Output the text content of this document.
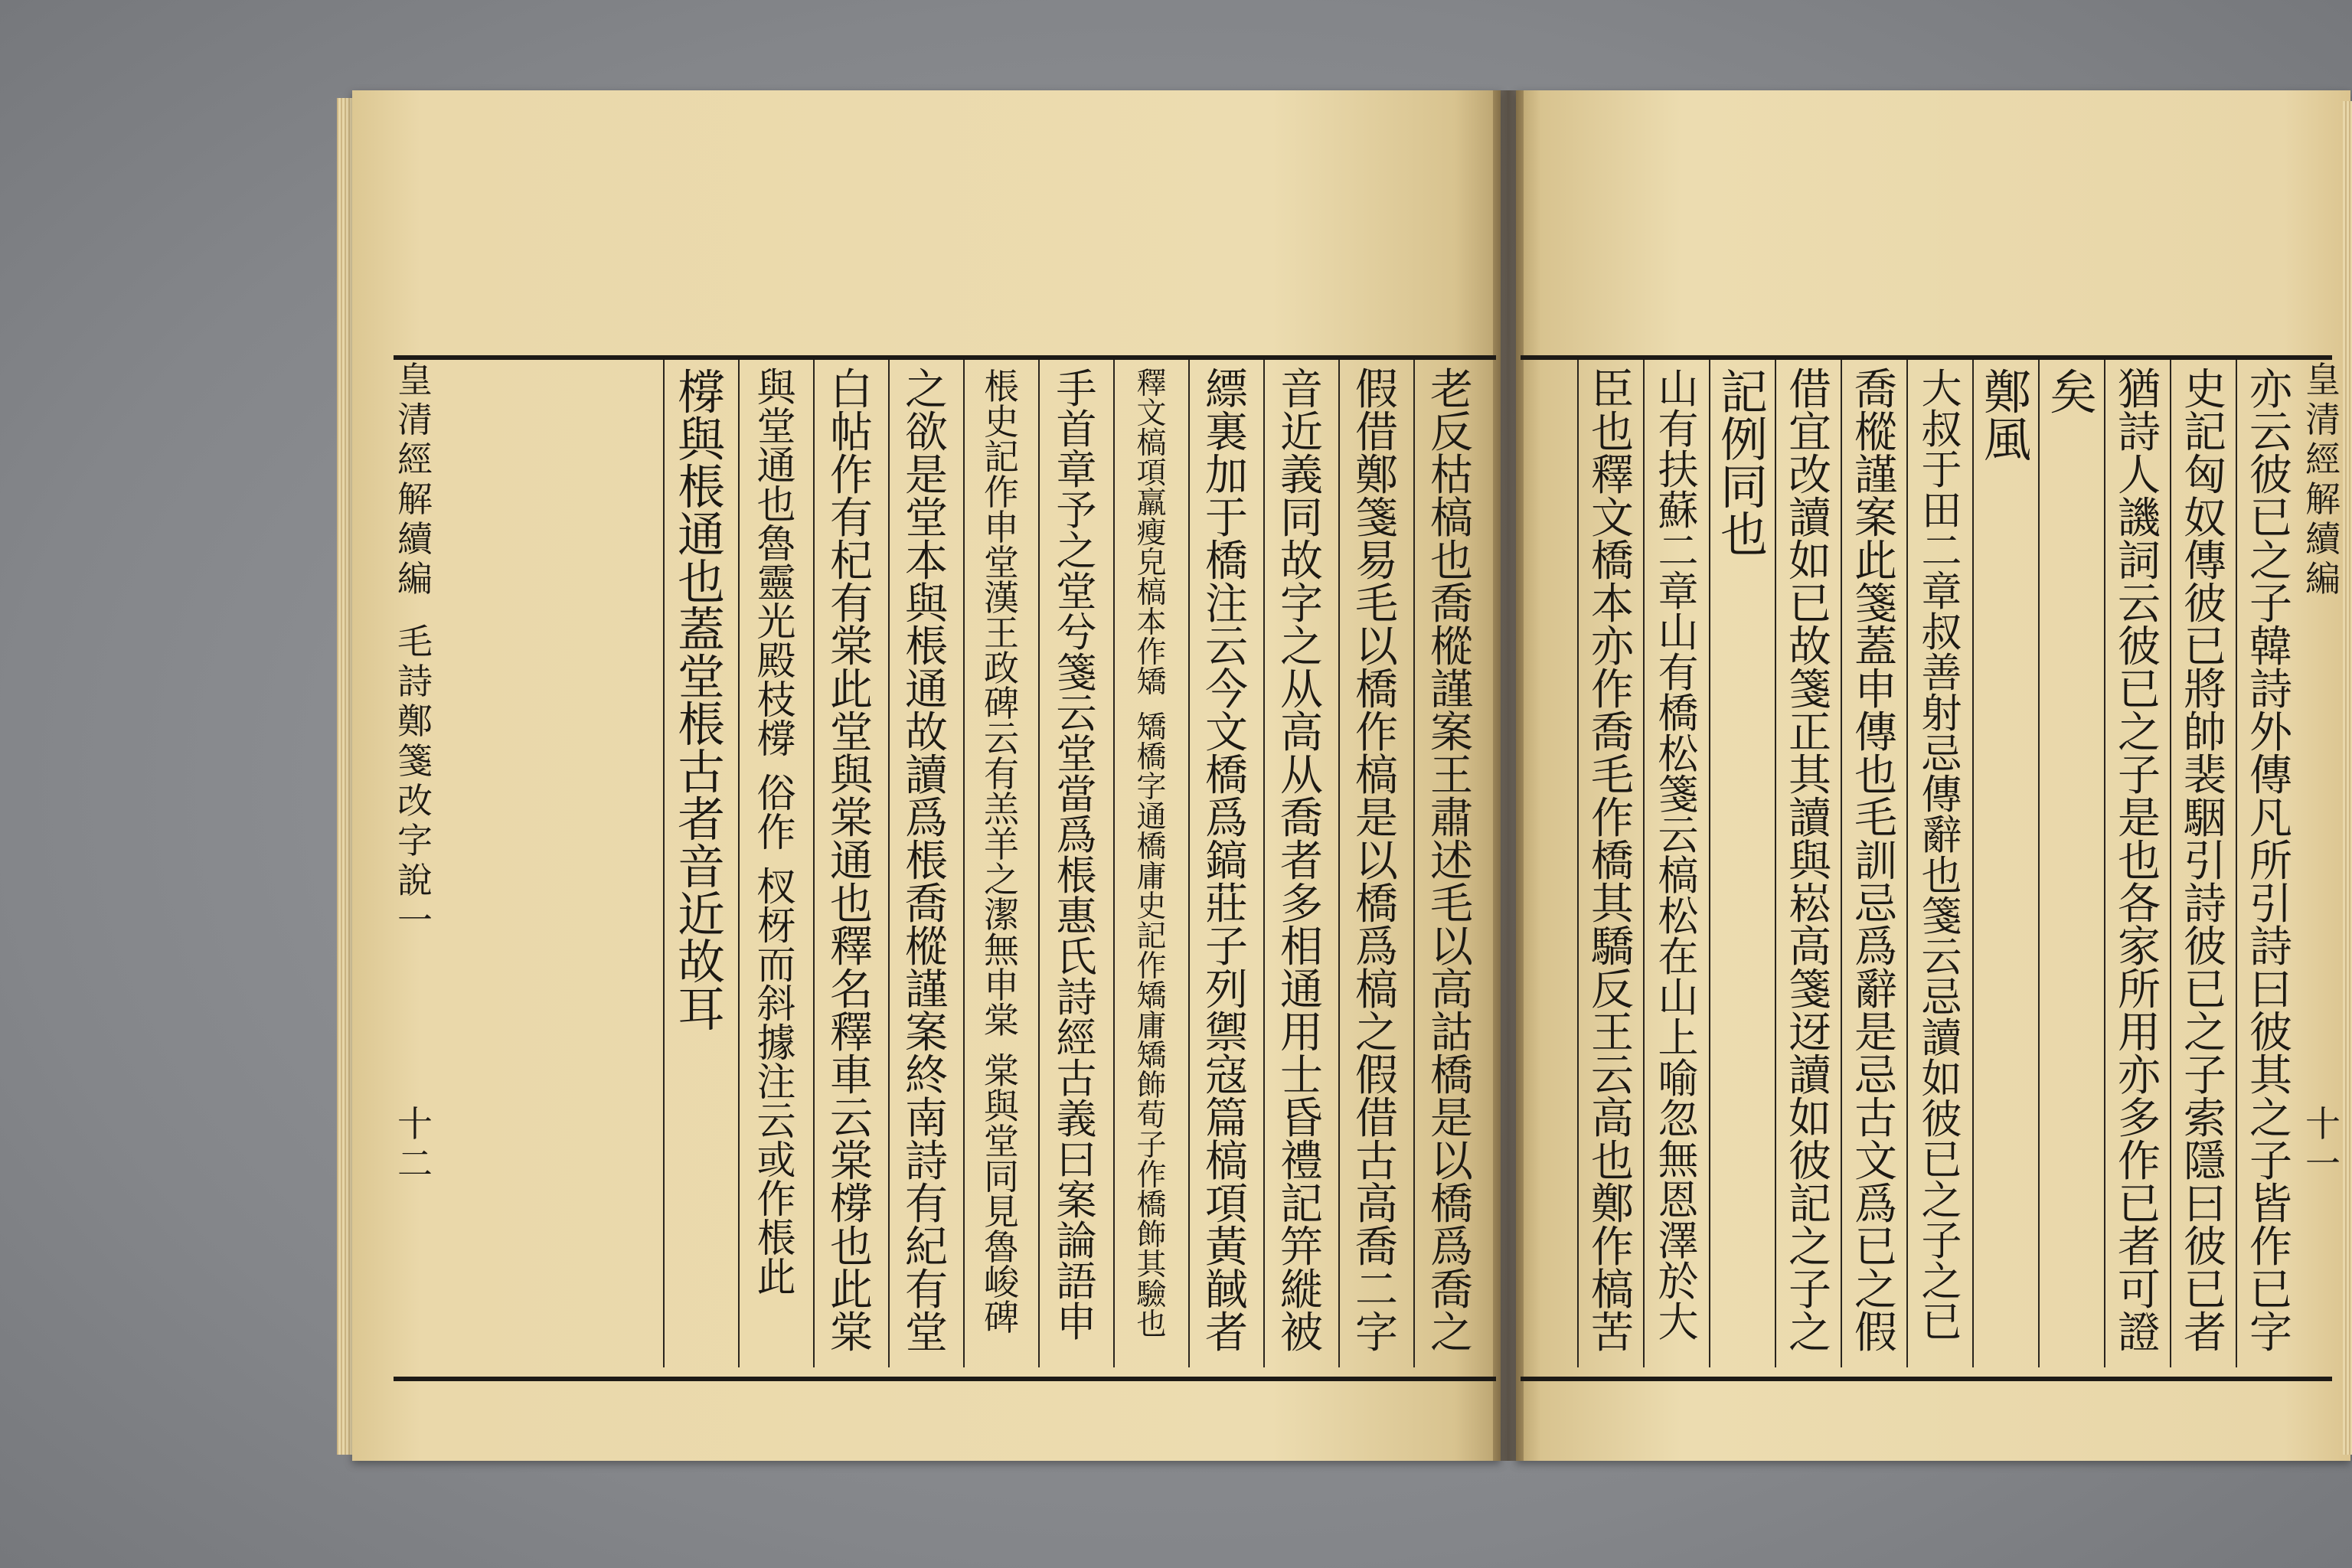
老
反
枯
槁
也
喬
樅
謹
案
王
肅
述
毛
以
高
詁
橋
是
以
橋
爲
喬
之
假
借
鄭
箋
易
毛
以
橋
作
槁
是
以
橋
爲
槁
之
假
借
古
高
喬
二
字
音
近
義
同
故
字
之
从
高
从
喬
者
多
相
通
用
士
昏
禮
記
笄
縰
被
縹
裏
加
于
橋
注
云
今
文
橋
爲
鎬
莊
子
列
禦
寇
篇
槁
項
黃
馘
者
釋
文
槁
項
羸
瘦
皃
槁
本
作
矯
矯
橋
字
通
橋
庸
史
記
作
矯
庸
矯
飾
荀
子
作
橋
飾
其
驗
也
手
首
章
予
之
堂
兮
箋
云
堂
當
爲
棖
惠
氏
詩
經
古
義
曰
案
論
語
申
棖
史
記
作
申
堂
漢
王
政
碑
云
有
羔
羊
之
潔
無
申
棠
棠
與
堂
同
見
魯
峻
碑
之
欲
是
堂
本
與
棖
通
故
讀
爲
棖
喬
樅
謹
案
終
南
詩
有
紀
有
堂
白
帖
作
有
杞
有
棠
此
堂
與
棠
通
也
釋
名
釋
車
云
棠
橕
也
此
棠
與
堂
通
也
魯
靈
光
殿
枝
橕
俗
作
杈
枒
而
斜
據
注
云
或
作
棖
此
橕
與
棖
通
也
蓋
堂
棖
古
者
音
近
故
耳
皇
清
經
解
續
編
毛
詩
鄭
箋
改
字
說
一
十
二
亦
云
彼
已
之
子
韓
詩
外
傳
凡
所
引
詩
曰
彼
其
之
子
皆
作
已
字
史
記
匈
奴
傳
彼
已
將
帥
裴
駰
引
詩
彼
已
之
子
索
隱
曰
彼
已
者
猶
詩
人
譏
詞
云
彼
已
之
子
是
也
各
家
所
用
亦
多
作
已
者
可
證
矣
鄭
風
大
叔
于
田
二
章
叔
善
射
忌
傳
辭
也
箋
云
忌
讀
如
彼
已
之
子
之
已
喬
樅
謹
案
此
箋
蓋
申
傳
也
毛
訓
忌
爲
辭
是
忌
古
文
爲
已
之
假
借
宜
改
讀
如
已
故
箋
正
其
讀
與
崧
高
箋
迓
讀
如
彼
記
之
子
之
記
例
同
也
山
有
扶
蘇
二
章
山
有
橋
松
箋
云
槁
松
在
山
上
喻
忽
無
恩
澤
於
大
臣
也
釋
文
橋
本
亦
作
喬
毛
作
橋
其
驕
反
王
云
高
也
鄭
作
槁
苦
皇
清
經
解
續
編
十
一
